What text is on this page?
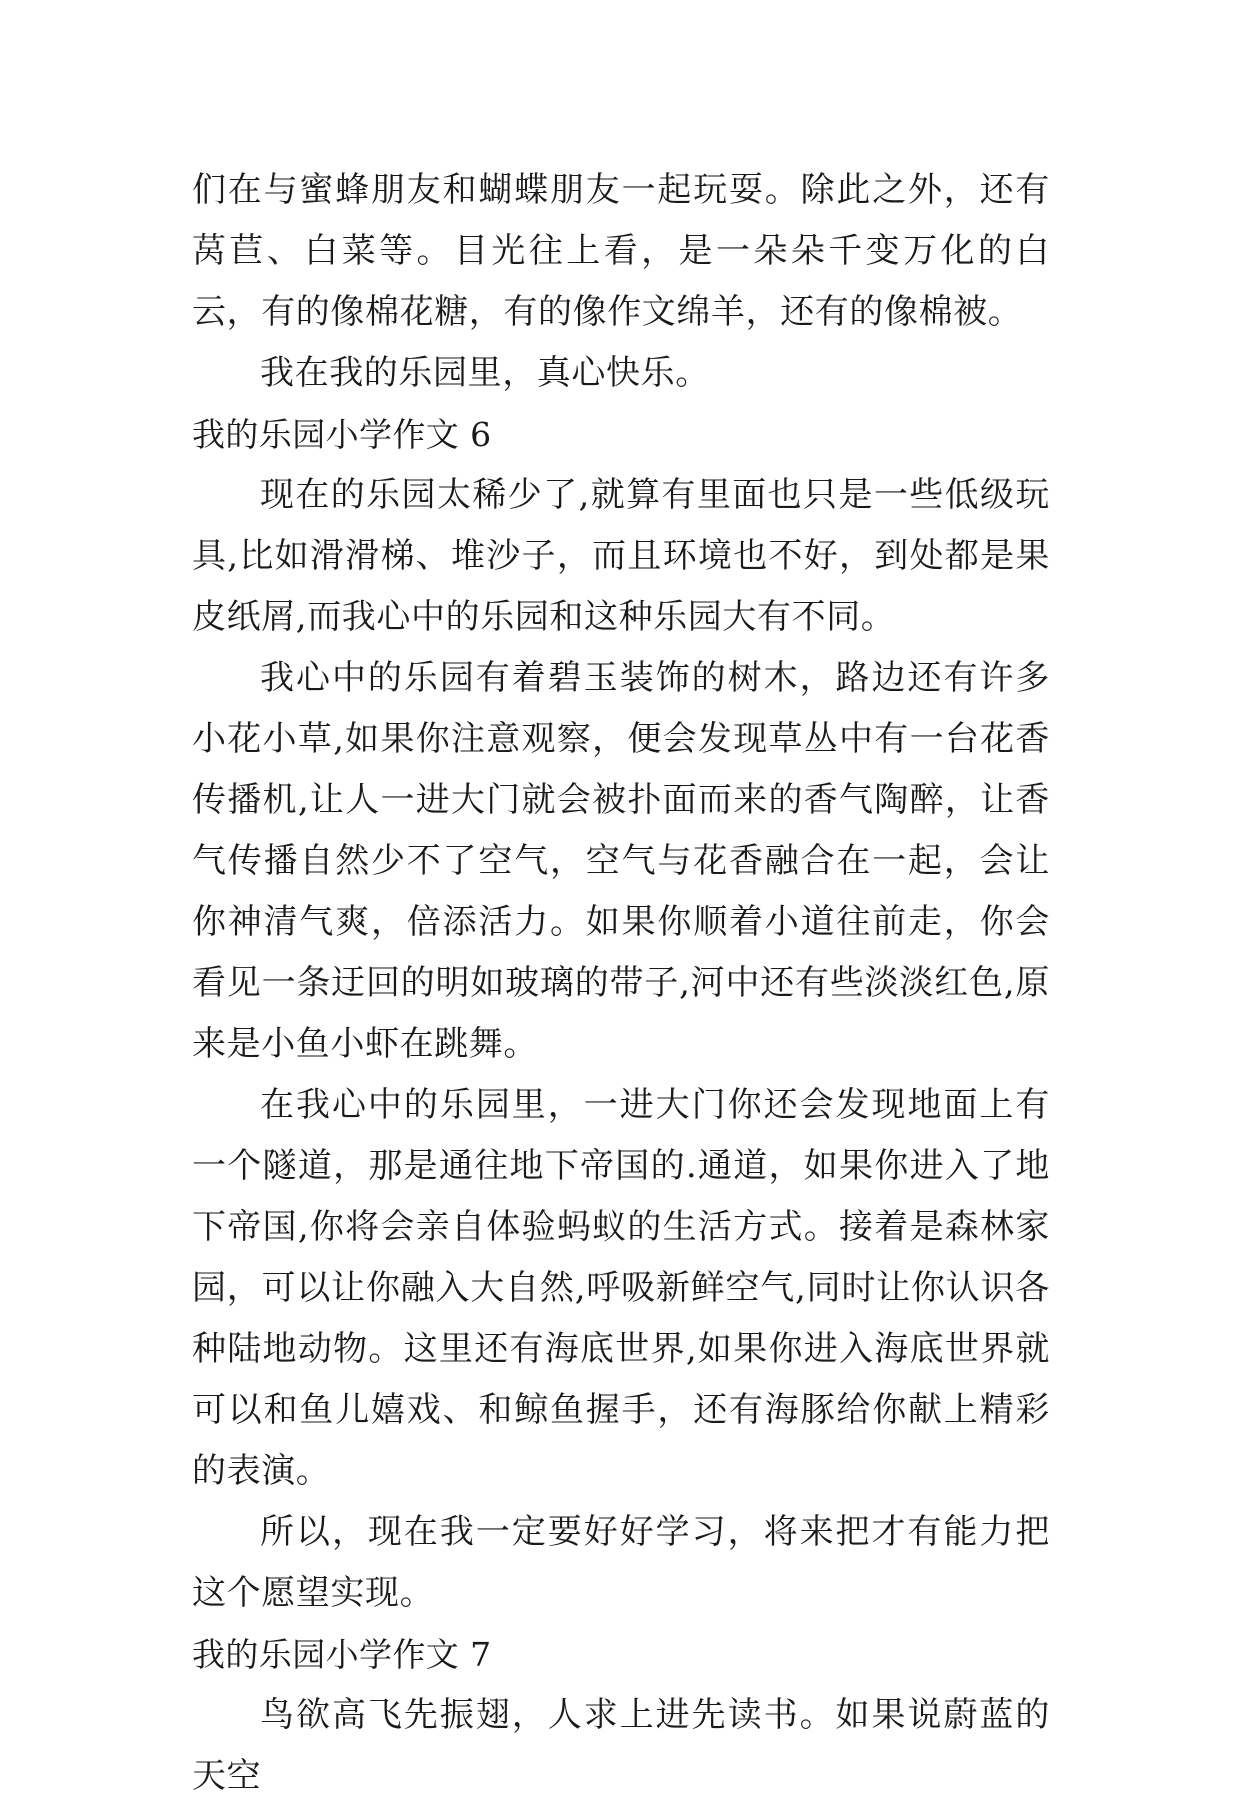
们在与蜜蜂朋友和蝴蝶朋友一起玩耍。除此之外，还有莴苣、白菜等。目光往上看，是一朵朵千变万化的白云，有的像棉花糖，有的像作文绵羊，还有的像棉被。

我在我的乐园里，真心快乐。

我的乐园小学作文 6

现在的乐园太稀少了,就算有里面也只是一些低级玩具,比如滑滑梯、堆沙子，而且环境也不好，到处都是果皮纸屑,而我心中的乐园和这种乐园大有不同。

我心中的乐园有着碧玉装饰的树木，路边还有许多小花小草,如果你注意观察，便会发现草丛中有一台花香传播机,让人一进大门就会被扑面而来的香气陶醉，让香气传播自然少不了空气，空气与花香融合在一起，会让你神清气爽，倍添活力。如果你顺着小道往前走，你会看见一条迂回的明如玻璃的带子,河中还有些淡淡红色,原来是小鱼小虾在跳舞。

在我心中的乐园里，一进大门你还会发现地面上有一个隧道，那是通往地下帝国的.通道，如果你进入了地下帝国,你将会亲自体验蚂蚁的生活方式。接着是森林家园，可以让你融入大自然,呼吸新鲜空气,同时让你认识各种陆地动物。这里还有海底世界,如果你进入海底世界就可以和鱼儿嬉戏、和鲸鱼握手，还有海豚给你献上精彩的表演。

所以，现在我一定要好好学习，将来把才有能力把这个愿望实现。

我的乐园小学作文 7

鸟欲高飞先振翅，人求上进先读书。如果说蔚蓝的天空
